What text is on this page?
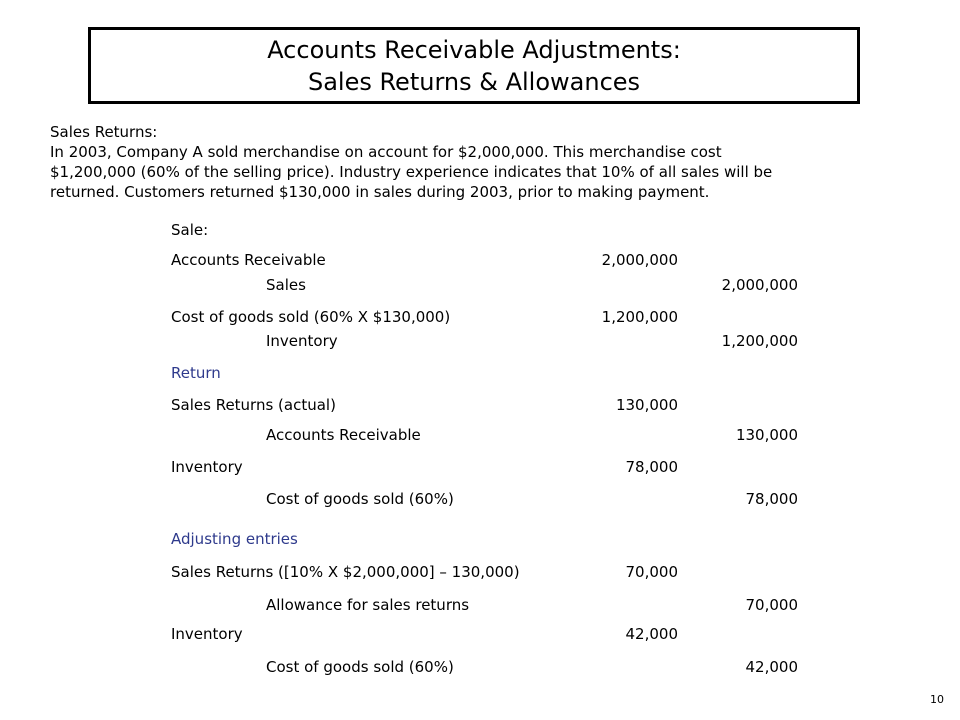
Accounts Receivable Adjustments:
Sales Returns & Allowances
Sales Returns:
In 2003, Company A sold merchandise on account for $2,000,000. This merchandise cost
$1,200,000 (60% of the selling price). Industry experience indicates that 10% of all sales will be
returned. Customers returned $130,000 in sales during 2003, prior to making payment.
Sale:
Accounts Receivable	2,000,000
Sales	2,000,000
Cost of goods sold (60% X $130,000)	1,200,000
Inventory	1,200,000
Return
Sales Returns (actual)	130,000
Accounts Receivable	130,000
Inventory	78,000
Cost of goods sold (60%)	78,000
Adjusting entries
Sales Returns ([10% X $2,000,000] – 130,000)	70,000
Allowance for sales returns	70,000
Inventory	42,000
Cost of goods sold (60%)	42,000
10
